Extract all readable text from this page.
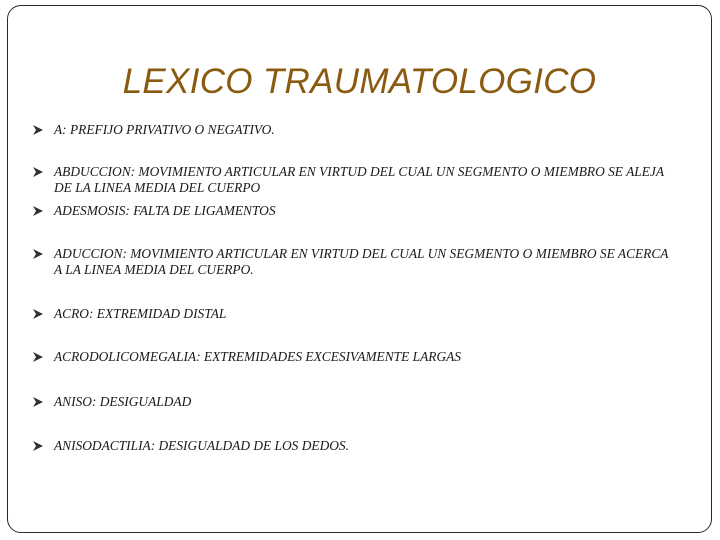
LEXICO TRAUMATOLOGICO
A: PREFIJO PRIVATIVO O NEGATIVO.
ABDUCCION: MOVIMIENTO ARTICULAR EN VIRTUD DEL CUAL UN SEGMENTO O MIEMBRO SE ALEJA DE LA LINEA MEDIA DEL CUERPO
ADESMOSIS: FALTA DE LIGAMENTOS
ADUCCION: MOVIMIENTO ARTICULAR EN VIRTUD DEL CUAL UN SEGMENTO O MIEMBRO SE ACERCA A LA LINEA MEDIA DEL CUERPO.
ACRO: EXTREMIDAD DISTAL
ACRODOLICOMEGALIA: EXTREMIDADES EXCESIVAMENTE LARGAS
ANISO: DESIGUALDAD
ANISODACTILIA: DESIGUALDAD DE LOS DEDOS.
